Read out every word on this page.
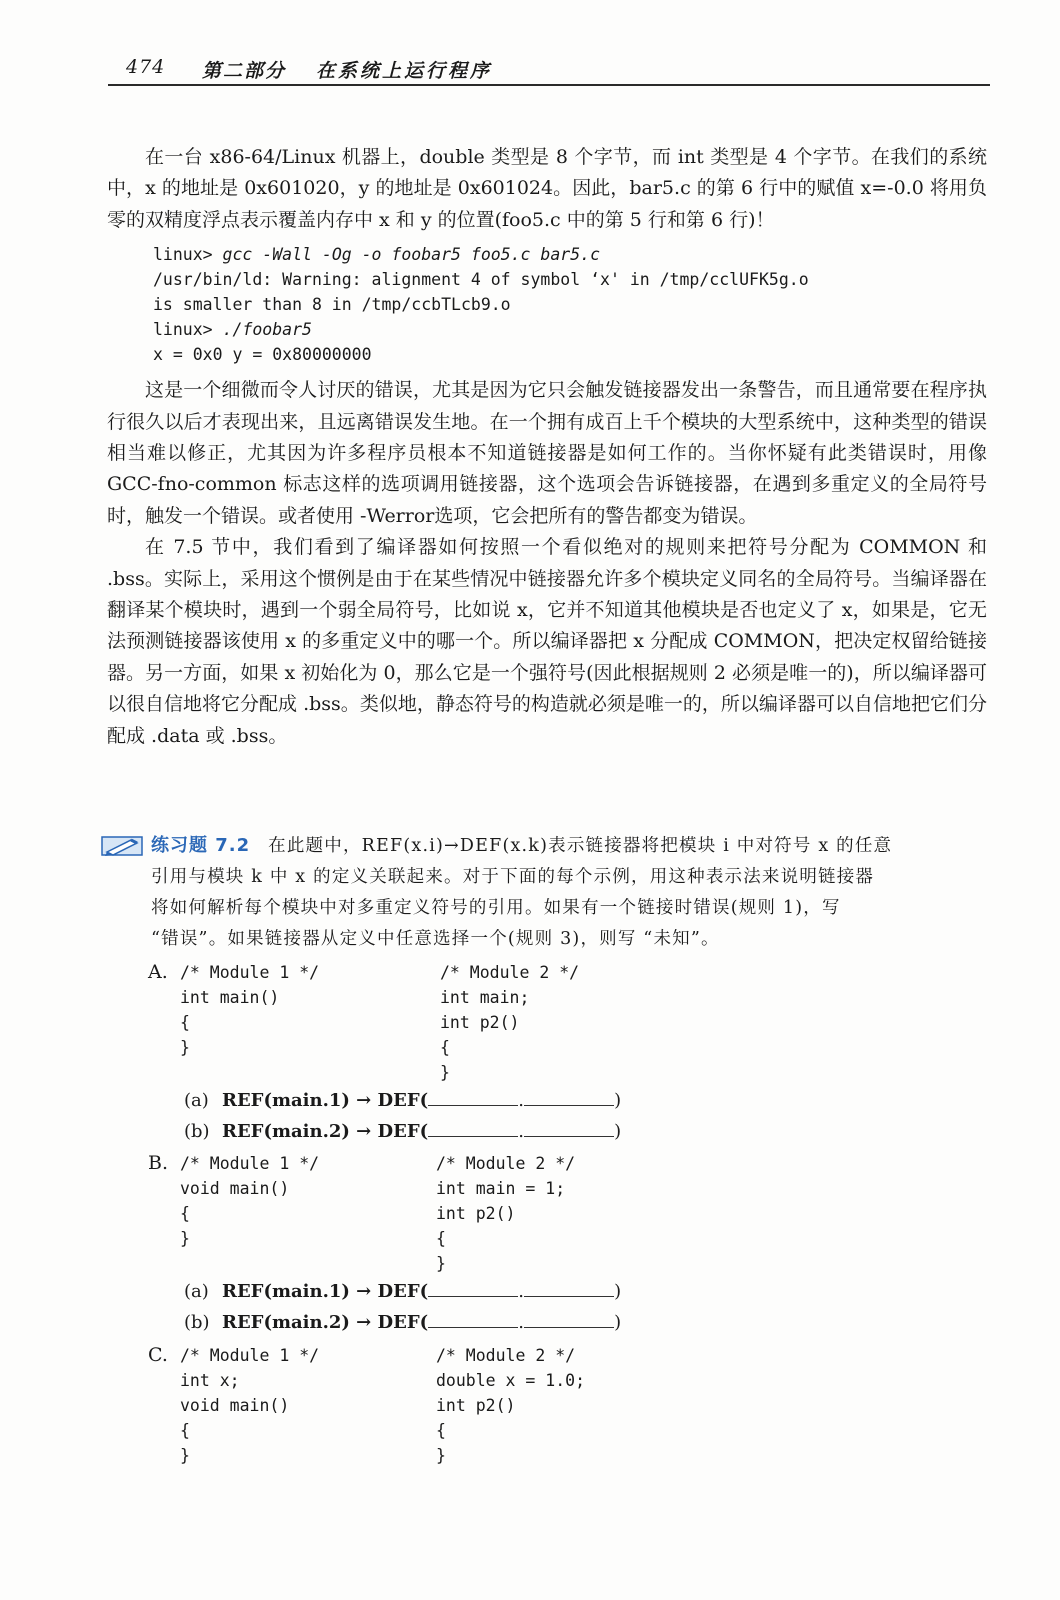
474 第二部分 在系统上运行程序

在一台 x86-64/Linux 机器上，double 类型是 8 个字节，而 int 类型是 4 个字节。在我们的系统中，x 的地址是 0x601020，y 的地址是 0x601024。因此，bar5.c 的第 6 行中的赋值 x=-0.0 将用负零的双精度浮点表示覆盖内存中 x 和 y 的位置(foo5.c 中的第 5 行和第 6 行)！

linux> gcc -Wall -Og -o foobar5 foo5.c bar5.c
/usr/bin/ld: Warning: alignment 4 of symbol ‘x' in /tmp/cclUFK5g.o
is smaller than 8 in /tmp/ccbTLcb9.o
linux> ./foobar5
x = 0x0 y = 0x80000000

这是一个细微而令人讨厌的错误，尤其是因为它只会触发链接器发出一条警告，而且通常要在程序执行很久以后才表现出来，且远离错误发生地。在一个拥有成百上千个模块的大型系统中，这种类型的错误相当难以修正，尤其因为许多程序员根本不知道链接器是如何工作的。当你怀疑有此类错误时，用像 GCC-fno-common 标志这样的选项调用链接器，这个选项会告诉链接器，在遇到多重定义的全局符号时，触发一个错误。或者使用 -Werror选项，它会把所有的警告都变为错误。

在 7.5 节中，我们看到了编译器如何按照一个看似绝对的规则来把符号分配为 COMMON 和 .bss。实际上，采用这个惯例是由于在某些情况中链接器允许多个模块定义同名的全局符号。当编译器在翻译某个模块时，遇到一个弱全局符号，比如说 x，它并不知道其他模块是否也定义了 x，如果是，它无法预测链接器该使用 x 的多重定义中的哪一个。所以编译器把 x 分配成 COMMON，把决定权留给链接器。另一方面，如果 x 初始化为 0，那么它是一个强符号(因此根据规则 2 必须是唯一的)，所以编译器可以很自信地将它分配成 .bss。类似地，静态符号的构造就必须是唯一的，所以编译器可以自信地把它们分配成 .data 或 .bss。

练习题 7.2 在此题中，REF(x.i)→DEF(x.k)表示链接器将把模块 i 中对符号 x 的任意
引用与模块 k 中 x 的定义关联起来。对于下面的每个示例，用这种表示法来说明链接器
将如何解析每个模块中对多重定义符号的引用。如果有一个链接时错误(规则 1)，写
“错误”。如果链接器从定义中任意选择一个(规则 3)，则写 “未知”。
A. /* Module 1 */
int main()
{
}
/* Module 2 */
int main;
int p2()
{
}
(a) REF(main.1) → DEF(	.	)
(b) REF(main.2) → DEF(	.	)
B. /* Module 1 */
void main()
{
}
/* Module 2 */
int main = 1;
int p2()
{
}
(a) REF(main.1) → DEF(	.	)
(b) REF(main.2) → DEF(	.	)
C. /* Module 1 */
int x;
void main()
{
}
/* Module 2 */
double x = 1.0;
int p2()
{
}
